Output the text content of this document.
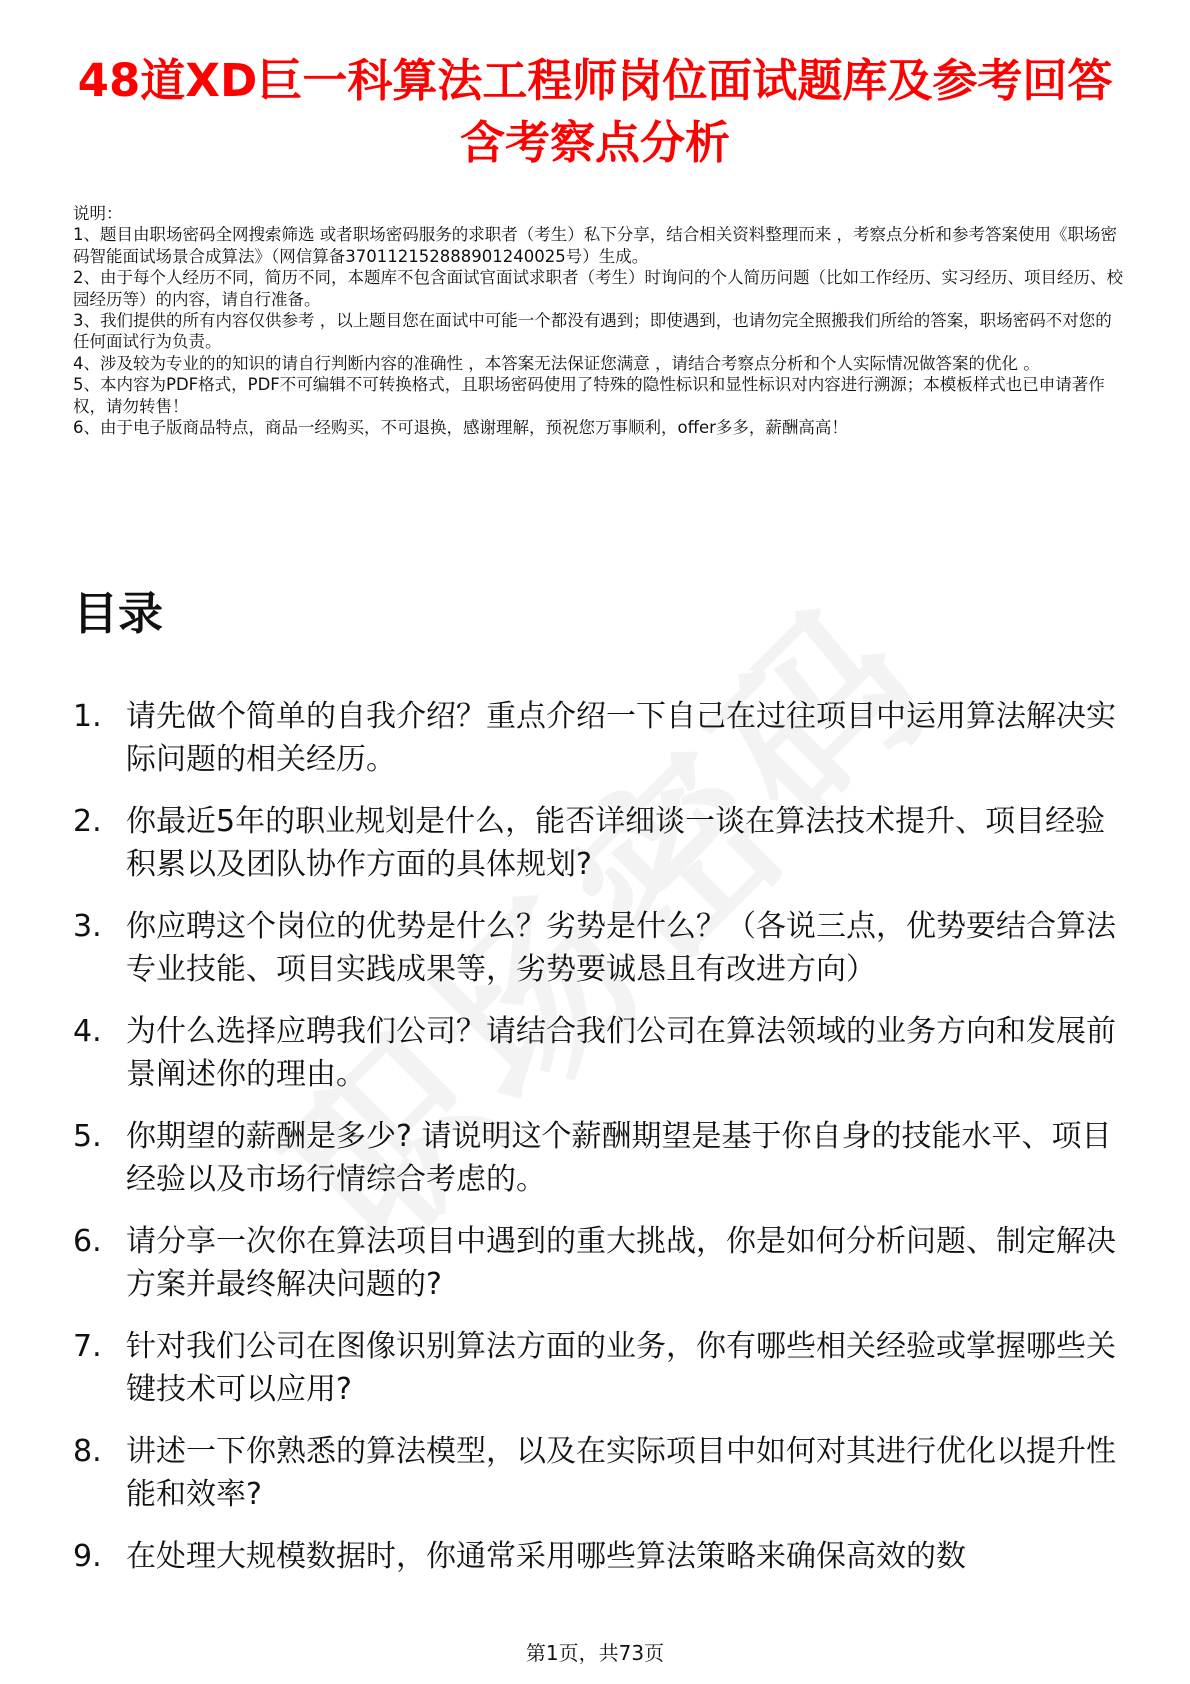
48道XD巨一科算法工程师岗位面试题库及参考回答含考察点分析

说明：

1、题目由职场密码全网搜索筛选 或者职场密码服务的求职者（考生）私下分享，结合相关资料整理而来 ，考察点分析和参考答案使用《职场密码智能面试场景合成算法》（网信算备370112152888901240025号）生成。

2、由于每个人经历不同，简历不同，本题库不包含面试官面试求职者（考生）时询问的个人简历问题（比如工作经历、实习经历、项目经历、校园经历等）的内容，请自行准备。

3、我们提供的所有内容仅供参考 ，以上题目您在面试中可能一个都没有遇到；即使遇到，也请勿完全照搬我们所给的答案，职场密码不对您的任何面试行为负责。

4、涉及较为专业的的知识的请自行判断内容的准确性 ，本答案无法保证您满意 ，请结合考察点分析和个人实际情况做答案的优化 。

5、本内容为PDF格式，PDF不可编辑不可转换格式，且职场密码使用了特殊的隐性标识和显性标识对内容进行溯源；本模板样式也已申请著作权，请勿转售！

6、由于电子版商品特点，商品一经购买，不可退换，感谢理解，预祝您万事顺利，offer多多，薪酬高高！

目录
1. 请先做个简单的自我介绍？重点介绍一下自己在过往项目中运用算法解决实际问题的相关经历。
2. 你最近5年的职业规划是什么，能否详细谈一谈在算法技术提升、项目经验积累以及团队协作方面的具体规划?
3. 你应聘这个岗位的优势是什么？劣势是什么？（各说三点，优势要结合算法专业技能、项目实践成果等，劣势要诚恳且有改进方向）
4. 为什么选择应聘我们公司？请结合我们公司在算法领域的业务方向和发展前景阐述你的理由。
5. 你期望的薪酬是多少? 请说明这个薪酬期望是基于你自身的技能水平、项目经验以及市场行情综合考虑的。
6. 请分享一次你在算法项目中遇到的重大挑战，你是如何分析问题、制定解决方案并最终解决问题的?
7. 针对我们公司在图像识别算法方面的业务，你有哪些相关经验或掌握哪些关键技术可以应用?
8. 讲述一下你熟悉的算法模型，以及在实际项目中如何对其进行优化以提升性能和效率?
9. 在处理大规模数据时，你通常采用哪些算法策略来确保高效的数
第1页，共73页
